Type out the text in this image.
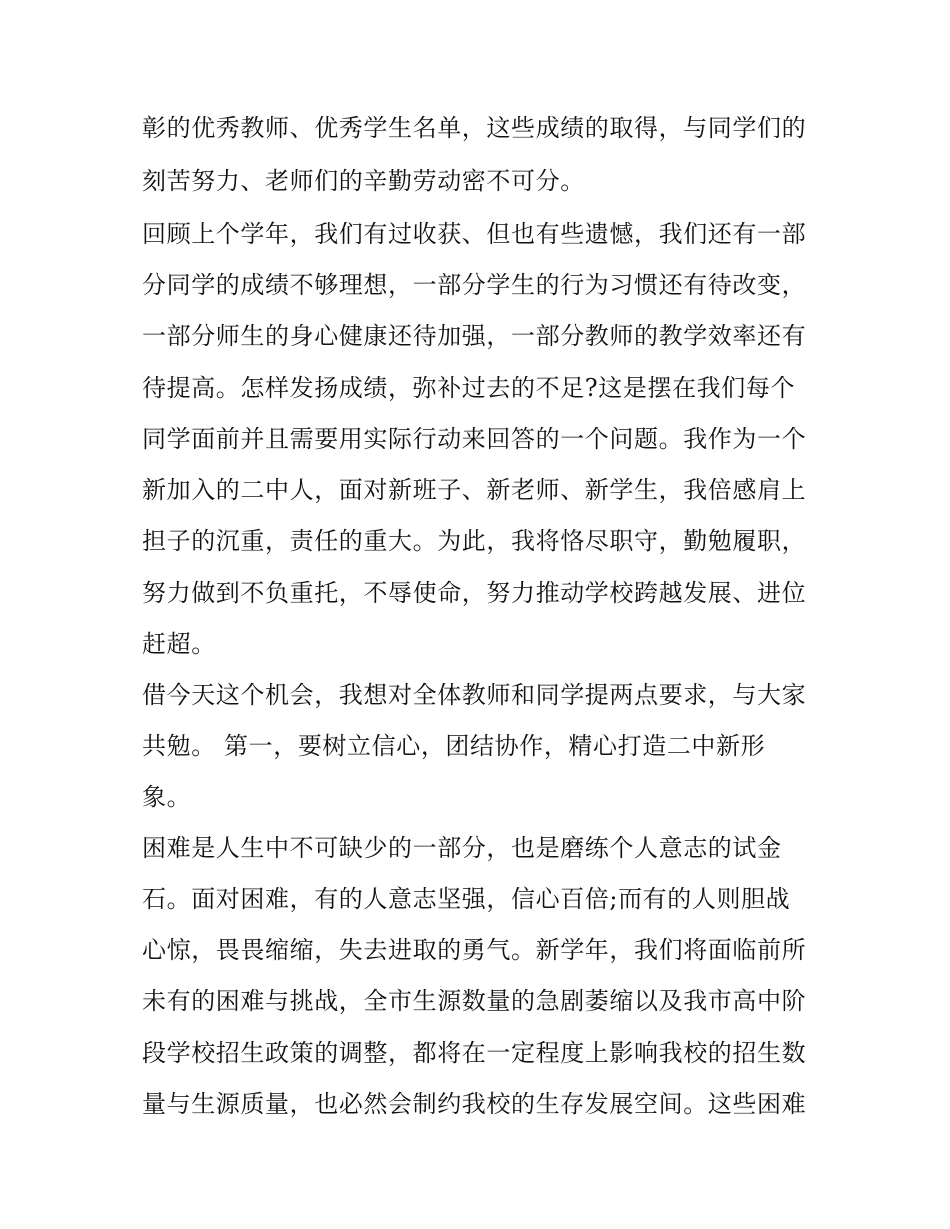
彰的优秀教师、优秀学生名单，这些成绩的取得，与同学们的
刻苦努力、老师们的辛勤劳动密不可分。
回顾上个学年，我们有过收获、但也有些遗憾，我们还有一部
分同学的成绩不够理想，一部分学生的行为习惯还有待改变，
一部分师生的身心健康还待加强，一部分教师的教学效率还有
待提高。怎样发扬成绩，弥补过去的不足?这是摆在我们每个
同学面前并且需要用实际行动来回答的一个问题。我作为一个
新加入的二中人，面对新班子、新老师、新学生，我倍感肩上
担子的沉重，责任的重大。为此，我将恪尽职守，勤勉履职，
努力做到不负重托，不辱使命，努力推动学校跨越发展、进位
赶超。
借今天这个机会，我想对全体教师和同学提两点要求，与大家
共勉。 第一，要树立信心，团结协作，精心打造二中新形
象。
困难是人生中不可缺少的一部分，也是磨练个人意志的试金
石。面对困难，有的人意志坚强，信心百倍;而有的人则胆战
心惊，畏畏缩缩，失去进取的勇气。新学年，我们将面临前所
未有的困难与挑战，全市生源数量的急剧萎缩以及我市高中阶
段学校招生政策的调整，都将在一定程度上影响我校的招生数
量与生源质量，也必然会制约我校的生存发展空间。这些困难
